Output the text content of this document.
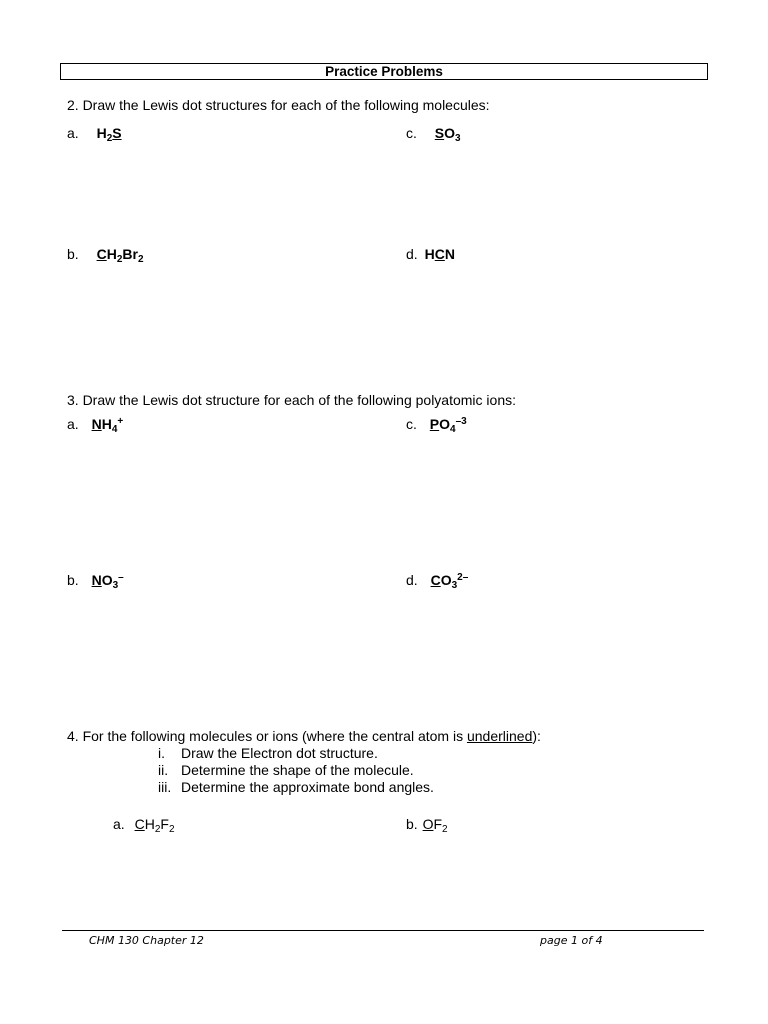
Practice Problems
2. Draw the Lewis dot structures for each of the following molecules:
a. $H_2S$	c. $SO_3$
b. $CH_2Br_2$	d. HCN
3. Draw the Lewis dot structure for each of the following polyatomic ions:
a. $NH_4^+$	c. $PO_4^{-3}$
b. $NO_3^-$	d. $CO_3^{2-}$
4. For the following molecules or ions (where the central atom is underlined):
i. Draw the Electron dot structure.
ii. Determine the shape of the molecule.
iii. Determine the approximate bond angles.
a. $CH_2F_2$	b. $OF_2$
CHM 130 Chapter 12	page 1 of 4
